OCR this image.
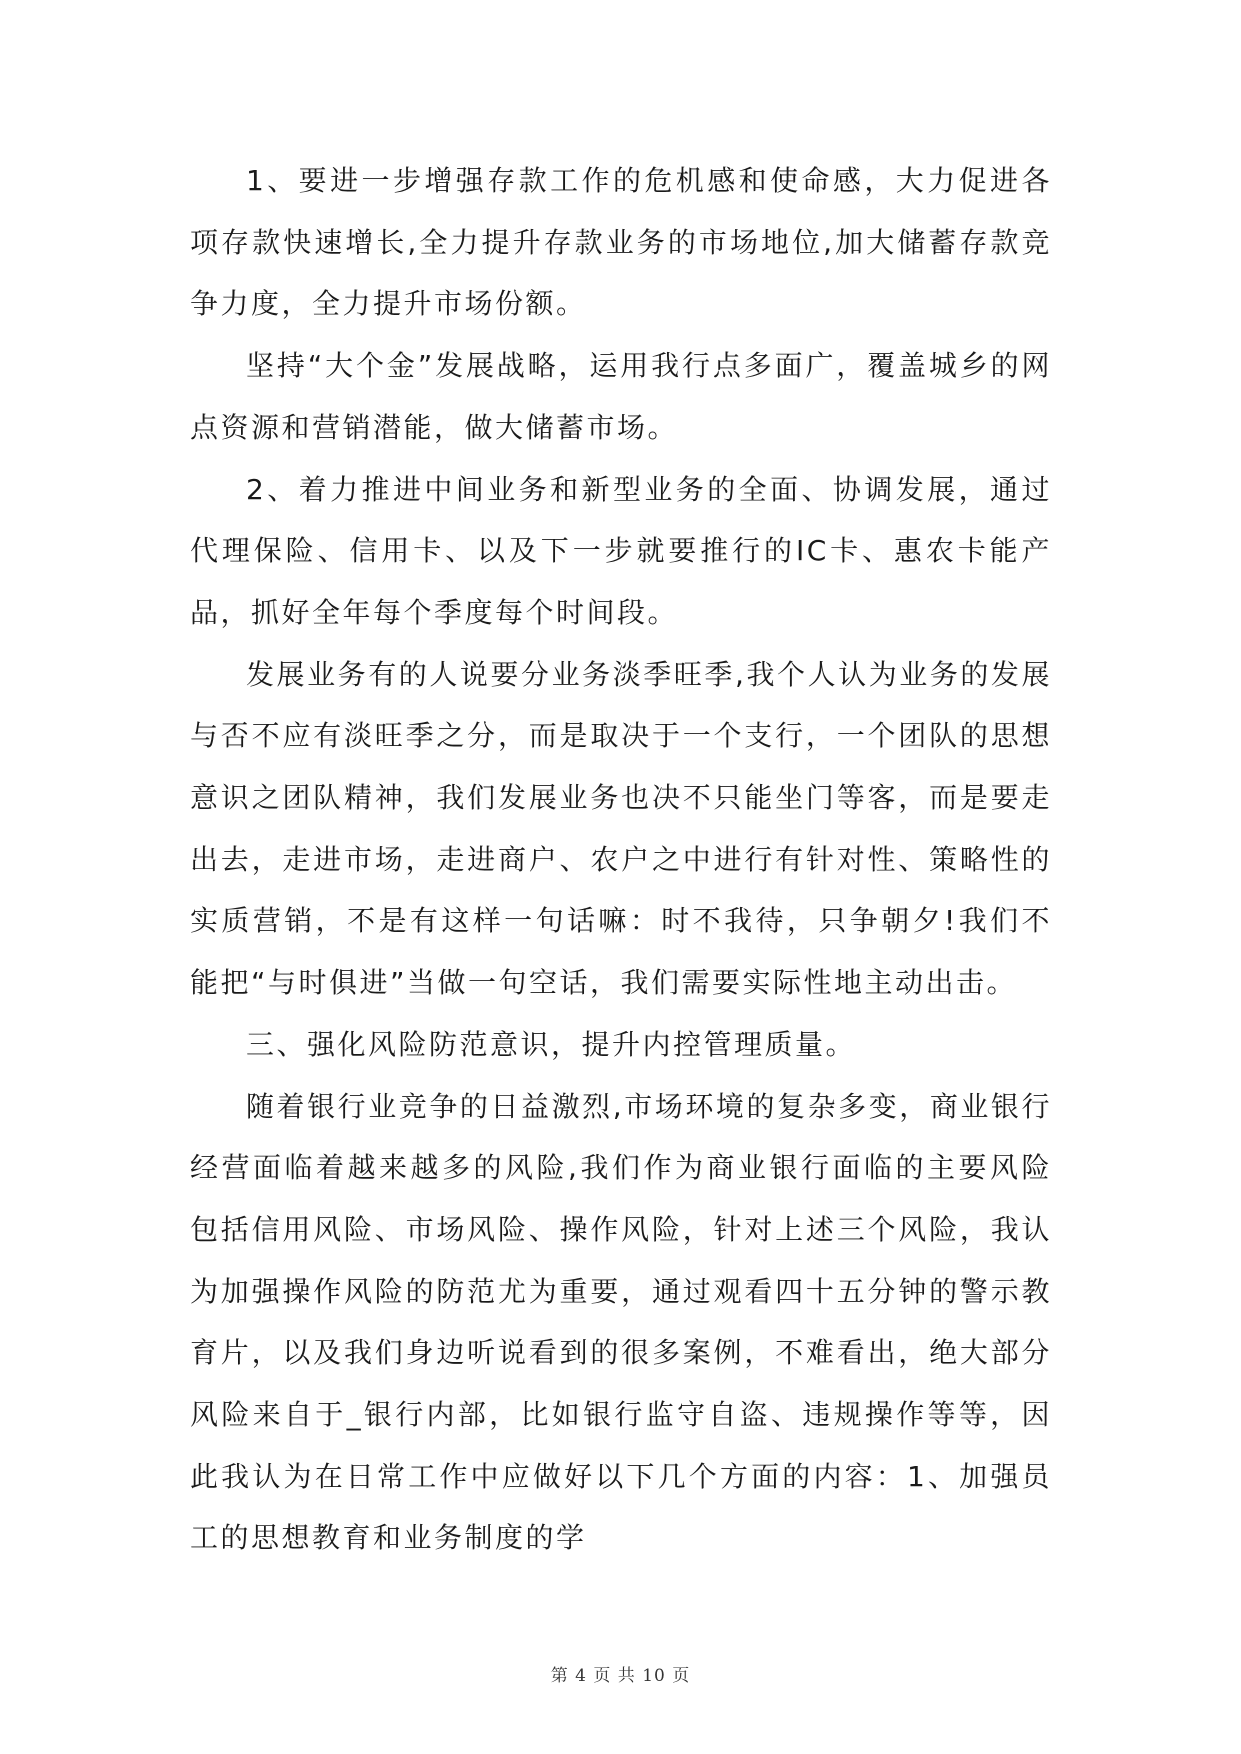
1、要进一步增强存款工作的危机感和使命感，大力促进各项存款快速增长,全力提升存款业务的市场地位,加大储蓄存款竞争力度，全力提升市场份额。

坚持“大个金”发展战略，运用我行点多面广，覆盖城乡的网点资源和营销潜能，做大储蓄市场。

2、着力推进中间业务和新型业务的全面、协调发展，通过代理保险、信用卡、以及下一步就要推行的IC卡、惠农卡能产品，抓好全年每个季度每个时间段。

发展业务有的人说要分业务淡季旺季,我个人认为业务的发展与否不应有淡旺季之分，而是取决于一个支行，一个团队的思想意识之团队精神，我们发展业务也决不只能坐门等客，而是要走出去，走进市场，走进商户、农户之中进行有针对性、策略性的实质营销，不是有这样一句话嘛：时不我待，只争朝夕!我们不能把“与时俱进”当做一句空话，我们需要实际性地主动出击。

三、强化风险防范意识，提升内控管理质量。

随着银行业竞争的日益激烈,市场环境的复杂多变，商业银行经营面临着越来越多的风险,我们作为商业银行面临的主要风险包括信用风险、市场风险、操作风险，针对上述三个风险，我认为加强操作风险的防范尤为重要，通过观看四十五分钟的警示教育片，以及我们身边听说看到的很多案例，不难看出，绝大部分风险来自于_银行内部，比如银行监守自盗、违规操作等等，因此我认为在日常工作中应做好以下几个方面的内容：1、加强员工的思想教育和业务制度的学

第 4 页 共 10 页
